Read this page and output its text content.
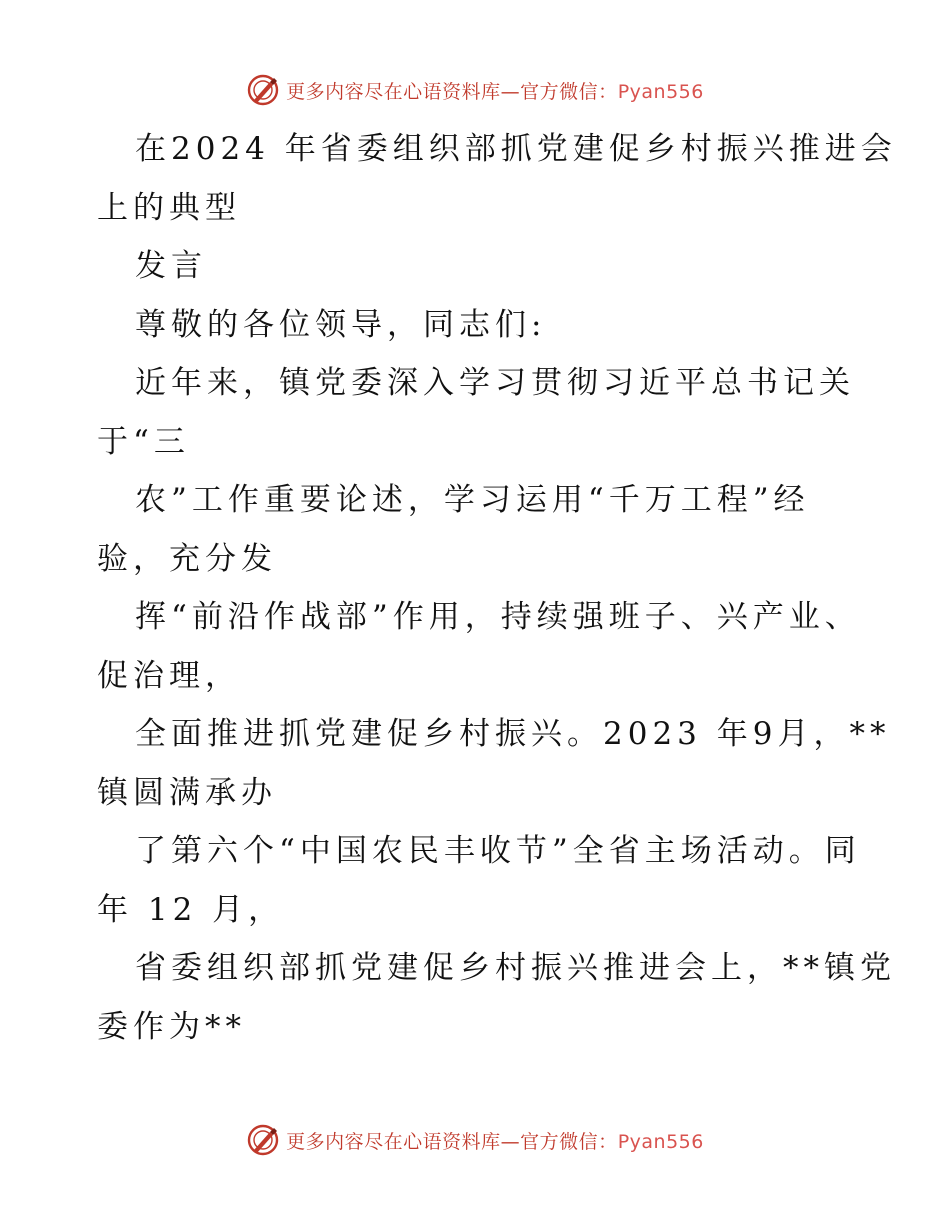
更多内容尽在心语资料库—官方微信：Pyan556
在2024 年省委组织部抓党建促乡村振兴推进会
上的典型
发言
尊敬的各位领导，同志们:
近年来，镇党委深入学习贯彻习近平总书记关
于“三
农”工作重要论述，学习运用“千万工程”经
验，充分发
挥“前沿作战部”作用，持续强班子、兴产业、
促治理，
全面推进抓党建促乡村振兴。2023 年9月，**
镇圆满承办
了第六个“中国农民丰收节”全省主场活动。同
年 12 月，
省委组织部抓党建促乡村振兴推进会上，**镇党
委作为**
更多内容尽在心语资料库—官方微信：Pyan556
